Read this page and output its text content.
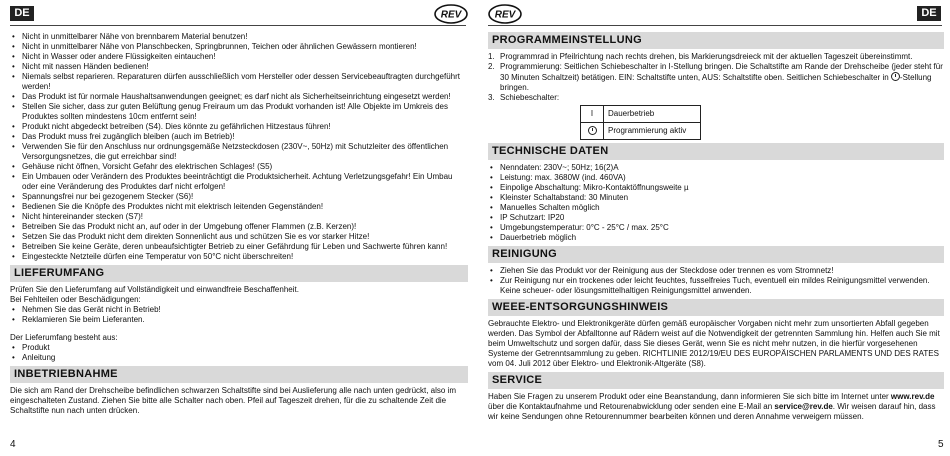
DE	REV
• Nicht in unmittelbarer Nähe von brennbarem Material benutzen!
• Nicht in unmittelbarer Nähe von Planschbecken, Springbrunnen, Teichen oder ähnlichen Gewässern montieren!
• Nicht in Wasser oder andere Flüssigkeiten eintauchen!
• Nicht mit nassen Händen bedienen!
• Niemals selbst reparieren. Reparaturen dürfen ausschließlich vom Hersteller oder dessen Servicebeauftragten durchgeführt werden!
• Das Produkt ist für normale Haushaltsanwendungen geeignet; es darf nicht als Sicherheitseinrichtung eingesetzt werden!
• Stellen Sie sicher, dass zur guten Belüftung genug Freiraum um das Produkt vorhanden ist! Alle Objekte im Umkreis des Produktes sollten mindestens 10cm entfernt sein!
• Produkt nicht abgedeckt betreiben (S4). Dies könnte zu gefährlichen Hitzestaus führen!
• Das Produkt muss frei zugänglich bleiben (auch im Betrieb)!
• Verwenden Sie für den Anschluss nur ordnungsgemäße Netzsteckdosen (230V~, 50Hz) mit Schutzleiter des öffentlichen Versorgungsnetzes, die gut erreichbar sind!
• Gehäuse nicht öffnen, Vorsicht Gefahr des elektrischen Schlages! (S5)
• Ein Umbauen oder Verändern des Produktes beeinträchtigt die Produktsicherheit. Achtung Verletzungsgefahr! Ein Umbau oder eine Veränderung des Produktes darf nicht erfolgen!
• Spannungsfrei nur bei gezogenem Stecker (S6)!
• Bedienen Sie die Knöpfe des Produktes nicht mit elektrisch leitenden Gegenständen!
• Nicht hintereinander stecken (S7)!
• Betreiben Sie das Produkt nicht an, auf oder in der Umgebung offener Flammen (z.B. Kerzen)!
• Setzen Sie das Produkt nicht dem direkten Sonnenlicht aus und schützen Sie es vor starker Hitze!
• Betreiben Sie keine Geräte, deren unbeaufsichtigter Betrieb zu einer Gefährdung für Leben und Sachwerte führen kann!
• Eingesteckte Netzteile dürfen eine Temperatur von 50°C nicht überschreiten!
LIEFERUMFANG

Prüfen Sie den Lieferumfang auf Vollständigkeit und einwandfreie Beschaffenheit.

Bei Fehlteilen oder Beschädigungen:

• Nehmen Sie das Gerät nicht in Betrieb!
• Reklamieren Sie beim Lieferanten.

Der Lieferumfang besteht aus:

• Produkt
• Anleitung
INBETRIEBNAHME

Die sich am Rand der Drehscheibe befindlichen schwarzen Schaltstifte sind bei Auslieferung alle nach unten gedrückt, also im eingeschalteten Zustand. Ziehen Sie bitte alle Schalter nach oben. Pfeil auf Tageszeit drehen, für die zu schaltende Zeit die Schaltstifte nun nach unten drücken.

4
REV	DE
PROGRAMMEINSTELLUNG
1. Programmrad in Pfeilrichtung nach rechts drehen, bis Markierungsdreieck mit der aktuellen Tageszeit übereinstimmt.
2. Programmierung: Seitlichen Schiebeschalter in I-Stellung bringen. Die Schaltstifte am Rande der Drehscheibe (jeder steht für 30 Minuten Schaltzeit) betätigen. EIN: Schaltstifte unten, AUS: Schaltstifte oben. Seitlichen Schiebeschalter in -Stellung bringen.
3. Schiebeschalter:
I	Dauerbetrieb
	Programmierung aktiv
TECHNISCHE DATEN
• Nenndaten: 230V~; 50Hz; 16(2)A
• Leistung: max. 3680W (ind. 460VA)
• Einpolige Abschaltung: Mikro-Kontaktöffnungsweite µ
• Kleinster Schaltabstand: 30 Minuten
• Manuelles Schalten möglich
• IP Schutzart: IP20
• Umgebungstemperatur: 0°C - 25°C / max. 25°C
• Dauerbetrieb möglich
REINIGUNG
• Ziehen Sie das Produkt vor der Reinigung aus der Steckdose oder trennen es vom Stromnetz!
• Zur Reinigung nur ein trockenes oder leicht feuchtes, fusselfreies Tuch, eventuell ein mildes Reinigungsmittel verwenden. Keine scheuer- oder lösungsmittelhaltigen Reinigungsmittel anwenden.
WEEE-ENTSORGUNGSHINWEIS

Gebrauchte Elektro- und Elektronikgeräte dürfen gemäß europäischer Vorgaben nicht mehr zum unsortierten Abfall gegeben werden. Das Symbol der Abfalltonne auf Rädern weist auf die Notwendigkeit der getrennten Sammlung hin. Helfen auch Sie mit beim Umweltschutz und sorgen dafür, dass Sie dieses Gerät, wenn Sie es nicht mehr nutzen, in die hierfür vorgesehenen Systeme der Getrenntsammlung zu geben. RICHTLINIE 2012/19/EU DES EUROPÄISCHEN PARLAMENTS UND DES RATES vom 04. Juli 2012 über Elektro- und Elektronik-Altgeräte (S8).

SERVICE

Haben Sie Fragen zu unserem Produkt oder eine Beanstandung, dann informieren Sie sich bitte im Internet unter www.rev.de über die Kontaktaufnahme und Retourenabwicklung oder senden eine E-Mail an service@rev.de. Wir weisen darauf hin, dass wir keine Sendungen ohne Retourennummer bearbeiten können und deren Annahme verweigern müssen.

5
